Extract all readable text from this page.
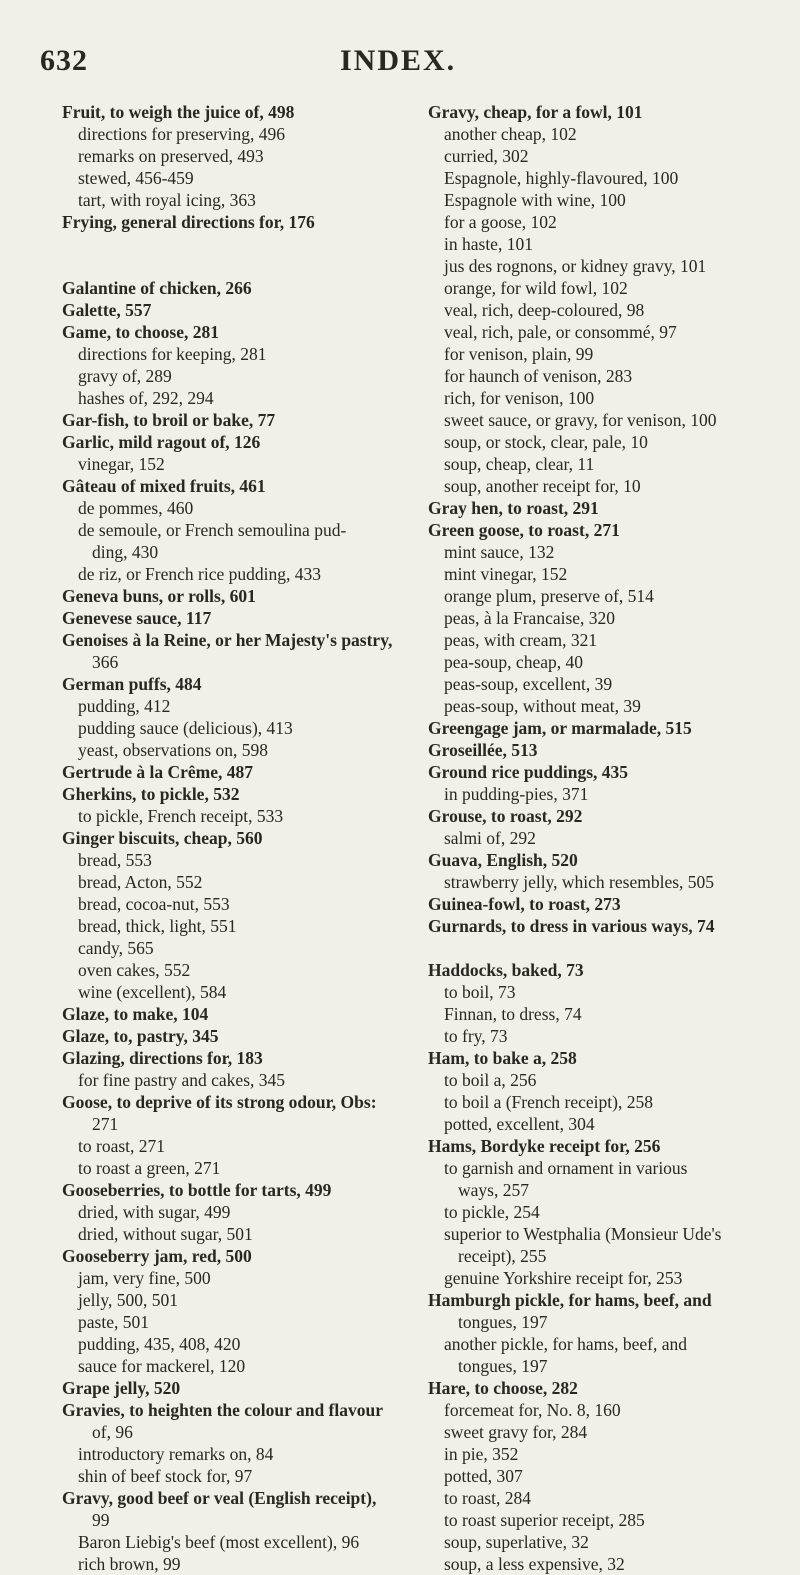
632	INDEX.
Fruit, to weigh the juice of, 498
directions for preserving, 496
remarks on preserved, 493
stewed, 456-459
tart, with royal icing, 363
Frying, general directions for, 176
Galantine of chicken, 266
Galette, 557
Game, to choose, 281
directions for keeping, 281
gravy of, 289
hashes of, 292, 294
Gar-fish, to broil or bake, 77
Garlic, mild ragout of, 126
vinegar, 152
Gâteau of mixed fruits, 461
de pommes, 460
de semoule, or French semoulina pud-
ding, 430
de riz, or French rice pudding, 433
Geneva buns, or rolls, 601
Genevese sauce, 117
Genoises à la Reine, or her Majesty's pastry,
366
German puffs, 484
pudding, 412
pudding sauce (delicious), 413
yeast, observations on, 598
Gertrude à la Crême, 487
Gherkins, to pickle, 532
to pickle, French receipt, 533
Ginger biscuits, cheap, 560
bread, 553
bread, Acton, 552
bread, cocoa-nut, 553
bread, thick, light, 551
candy, 565
oven cakes, 552
wine (excellent), 584
Glaze, to make, 104
Glaze, to, pastry, 345
Glazing, directions for, 183
for fine pastry and cakes, 345
Goose, to deprive of its strong odour, Obs:
271
to roast, 271
to roast a green, 271
Gooseberries, to bottle for tarts, 499
dried, with sugar, 499
dried, without sugar, 501
Gooseberry jam, red, 500
jam, very fine, 500
jelly, 500, 501
paste, 501
pudding, 435, 408, 420
sauce for mackerel, 120
Grape jelly, 520
Gravies, to heighten the colour and flavour
of, 96
introductory remarks on, 84
shin of beef stock for, 97
Gravy, good beef or veal (English receipt),
99
Baron Liebig's beef (most excellent), 96
rich brown, 99
Gravy, cheap, for a fowl, 101
another cheap, 102
curried, 302
Espagnole, highly-flavoured, 100
Espagnole with wine, 100
for a goose, 102
in haste, 101
jus des rognons, or kidney gravy, 101
orange, for wild fowl, 102
veal, rich, deep-coloured, 98
veal, rich, pale, or consommé, 97
for venison, plain, 99
for haunch of venison, 283
rich, for venison, 100
sweet sauce, or gravy, for venison, 100
soup, or stock, clear, pale, 10
soup, cheap, clear, 11
soup, another receipt for, 10
Gray hen, to roast, 291
Green goose, to roast, 271
mint sauce, 132
mint vinegar, 152
orange plum, preserve of, 514
peas, à la Francaise, 320
peas, with cream, 321
pea-soup, cheap, 40
peas-soup, excellent, 39
peas-soup, without meat, 39
Greengage jam, or marmalade, 515
Groseillée, 513
Ground rice puddings, 435
in pudding-pies, 371
Grouse, to roast, 292
salmi of, 292
Guava, English, 520
strawberry jelly, which resembles, 505
Guinea-fowl, to roast, 273
Gurnards, to dress in various ways, 74
Haddocks, baked, 73
to boil, 73
Finnan, to dress, 74
to fry, 73
Ham, to bake a, 258
to boil a, 256
to boil a (French receipt), 258
potted, excellent, 304
Hams, Bordyke receipt for, 256
to garnish and ornament in various
ways, 257
to pickle, 254
superior to Westphalia (Monsieur Ude's
receipt), 255
genuine Yorkshire receipt for, 253
Hamburgh pickle, for hams, beef, and
tongues, 197
another pickle, for hams, beef, and
tongues, 197
Hare, to choose, 282
forcemeat for, No. 8, 160
sweet gravy for, 284
in pie, 352
potted, 307
to roast, 284
to roast superior receipt, 285
soup, superlative, 32
soup, a less expensive, 32
